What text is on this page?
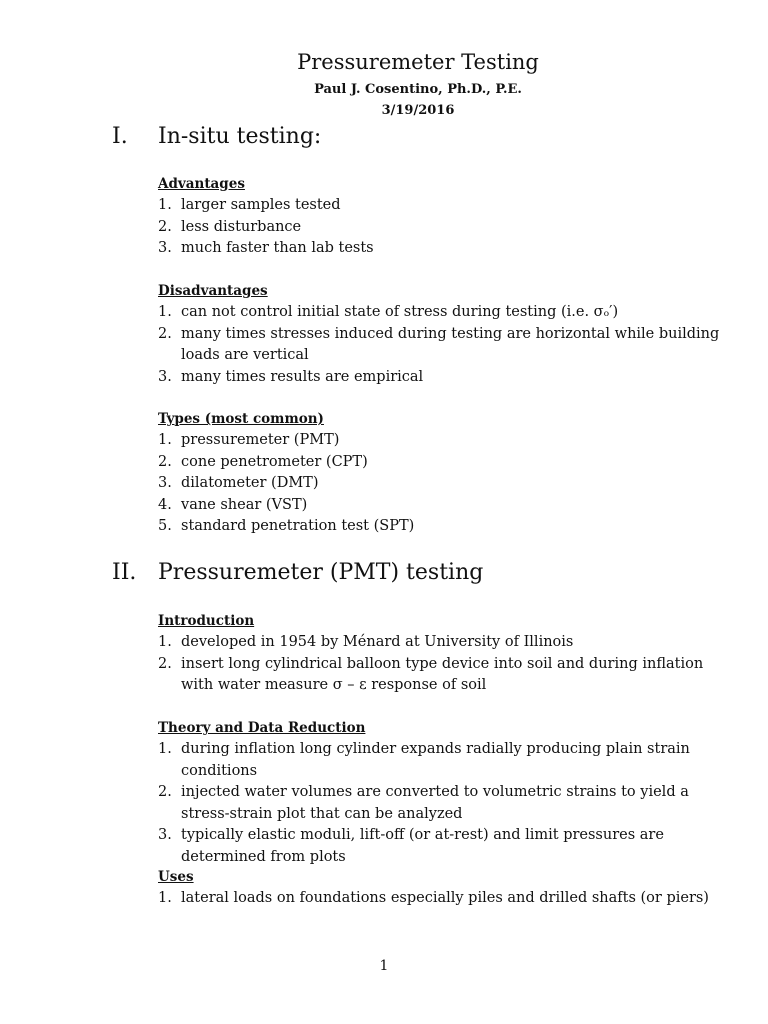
Pressuremeter Testing
Paul J. Cosentino, Ph.D., P.E.
3/19/2016
I. In-situ testing:
Advantages
1. larger samples tested
2. less disturbance
3. much faster than lab tests
Disadvantages
1. can not control initial state of stress during testing (i.e. σₒ′)
2. many times stresses induced during testing are horizontal while building loads are vertical
3. many times results are empirical
Types (most common)
1. pressuremeter (PMT)
2. cone penetrometer (CPT)
3. dilatometer (DMT)
4. vane shear (VST)
5. standard penetration test (SPT)
II. Pressuremeter (PMT) testing
Introduction
1. developed in 1954 by Ménard at University of Illinois
2. insert long cylindrical balloon type device into soil and during inflation with water measure σ – ε response of soil
Theory and Data Reduction
1. during inflation long cylinder expands radially producing plain strain conditions
2. injected water volumes are converted to volumetric strains to yield a stress-strain plot that can be analyzed
3. typically elastic moduli, lift-off (or at-rest) and limit pressures are determined from plots
Uses
1. lateral loads on foundations especially piles and drilled shafts (or piers)
1
